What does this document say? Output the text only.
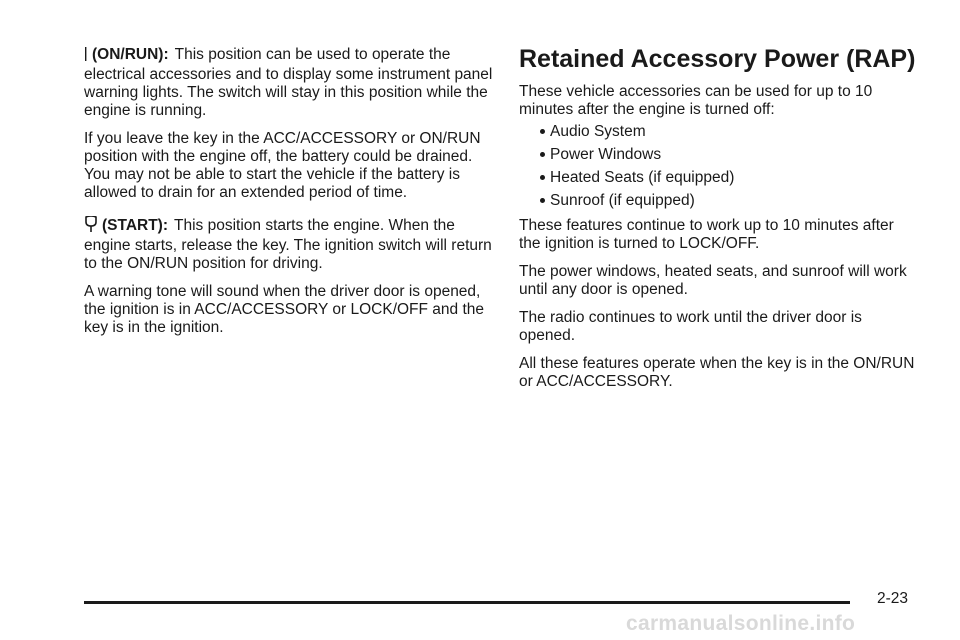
(ON/RUN): This position can be used to operate the electrical accessories and to display some instrument panel warning lights. The switch will stay in this position while the engine is running.

If you leave the key in the ACC/ACCESSORY or ON/RUN position with the engine off, the battery could be drained. You may not be able to start the vehicle if the battery is allowed to drain for an extended period of time.

(START): This position starts the engine. When the engine starts, release the key. The ignition switch will return to the ON/RUN position for driving.

A warning tone will sound when the driver door is opened, the ignition is in ACC/ACCESSORY or LOCK/OFF and the key is in the ignition.

Retained Accessory Power (RAP)

These vehicle accessories can be used for up to 10 minutes after the engine is turned off:

Audio System
Power Windows
Heated Seats (if equipped)
Sunroof (if equipped)

These features continue to work up to 10 minutes after the ignition is turned to LOCK/OFF.

The power windows, heated seats, and sunroof will work until any door is opened.

The radio continues to work until the driver door is opened.

All these features operate when the key is in the ON/RUN or ACC/ACCESSORY.

2-23
carmanualsonline.info
